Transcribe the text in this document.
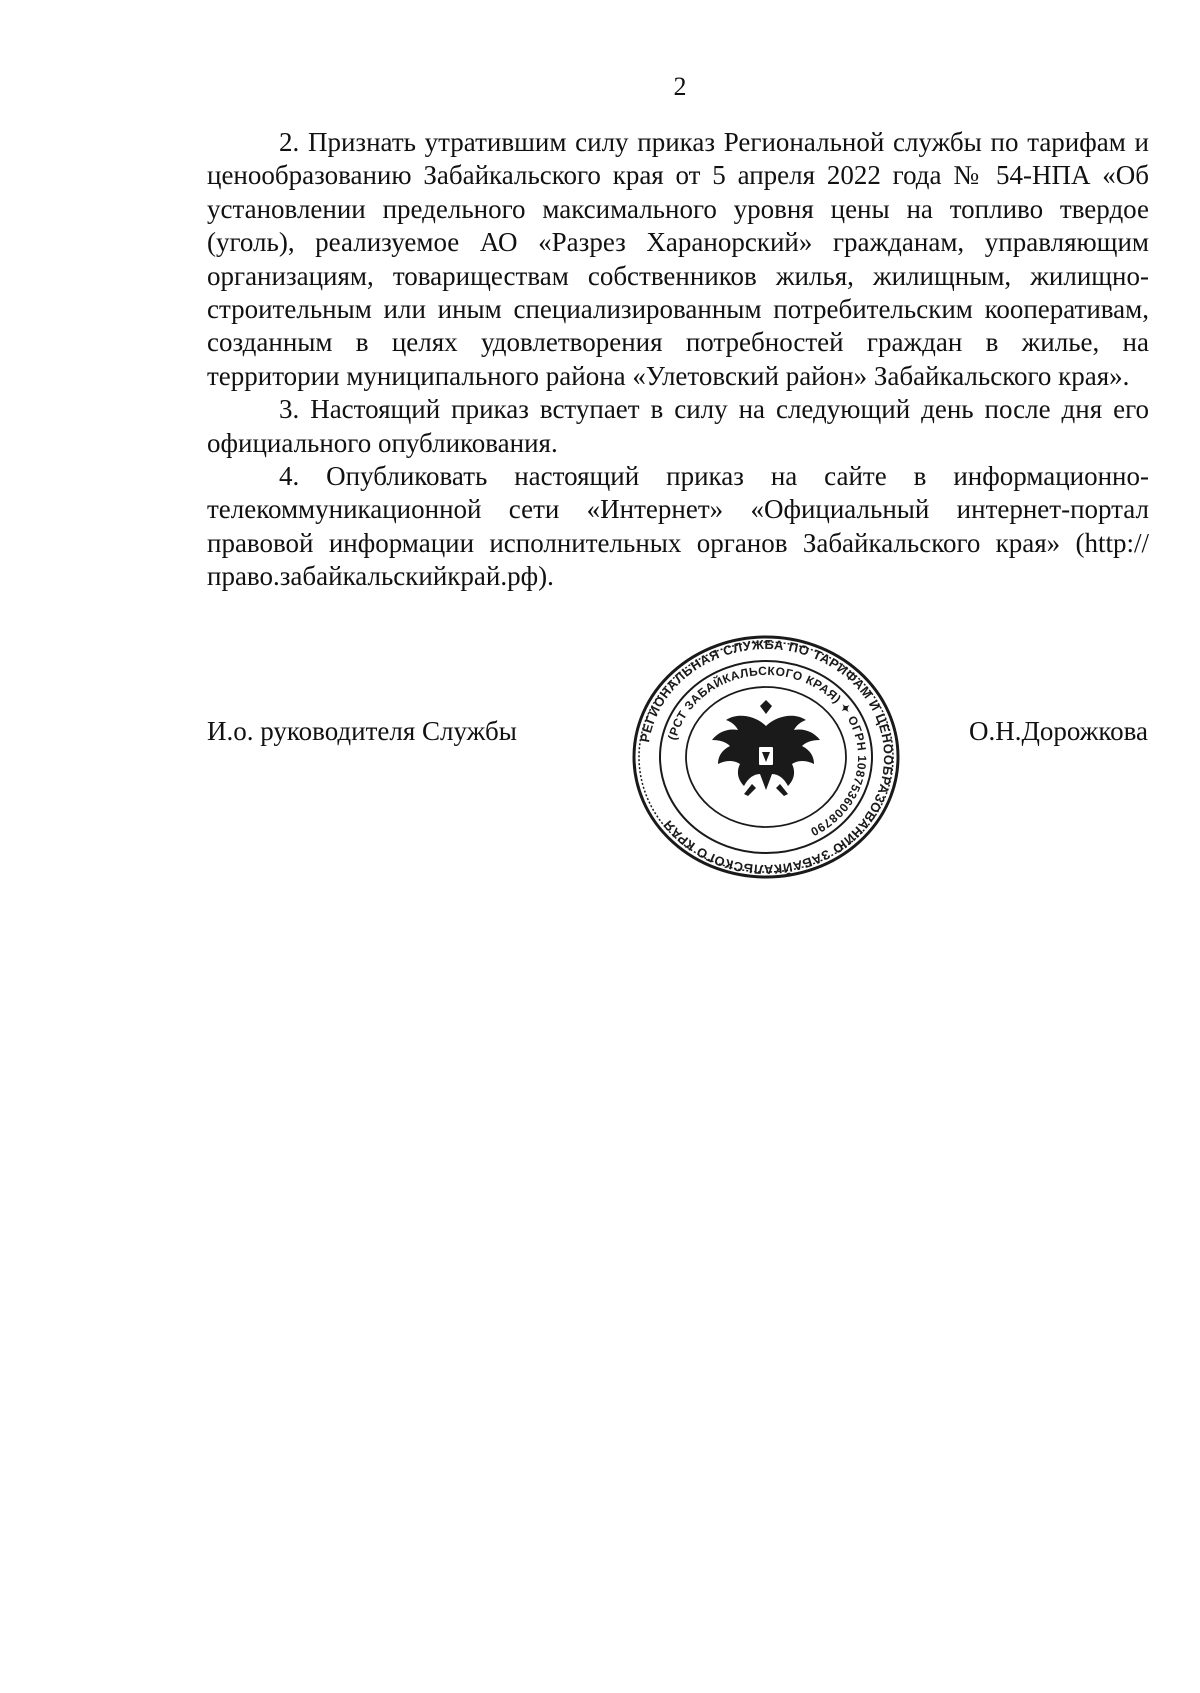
2

2. Признать утратившим силу приказ Региональной службы по тарифам и ценообразованию Забайкальского края от 5 апреля 2022 года № 54-НПА «Об установлении предельного максимального уровня цены на топливо твердое (уголь), реализуемое АО «Разрез Харанорский» гражданам, управляющим организациям, товариществам собственников жилья, жилищным, жилищно-строительным или иным специализированным потребительским кооперативам, созданным в целях удовлетворения потребностей граждан в жилье, на территории муниципального района «Улетовский район» Забайкальского края».

3. Настоящий приказ вступает в силу на следующий день после дня его официального опубликования.

4. Опубликовать настоящий приказ на сайте в информационно-телекоммуникационной сети «Интернет» «Официальный интернет-портал правовой информации исполнительных органов Забайкальского края» (http://право.забайкальскийкрай.рф).

И.о. руководителя Службы	РЕГИОНАЛЬНАЯ СЛУЖБА ПО ТАРИФАМ И ЦЕНООБРАЗОВАНИЮ ЗАБАЙКАЛЬСКОГО КРАЯ
(РСТ ЗАБАЙКАЛЬСКОГО КРАЯ) ✦ ОГРН 1087536008790
О.Н.Дорожкова
